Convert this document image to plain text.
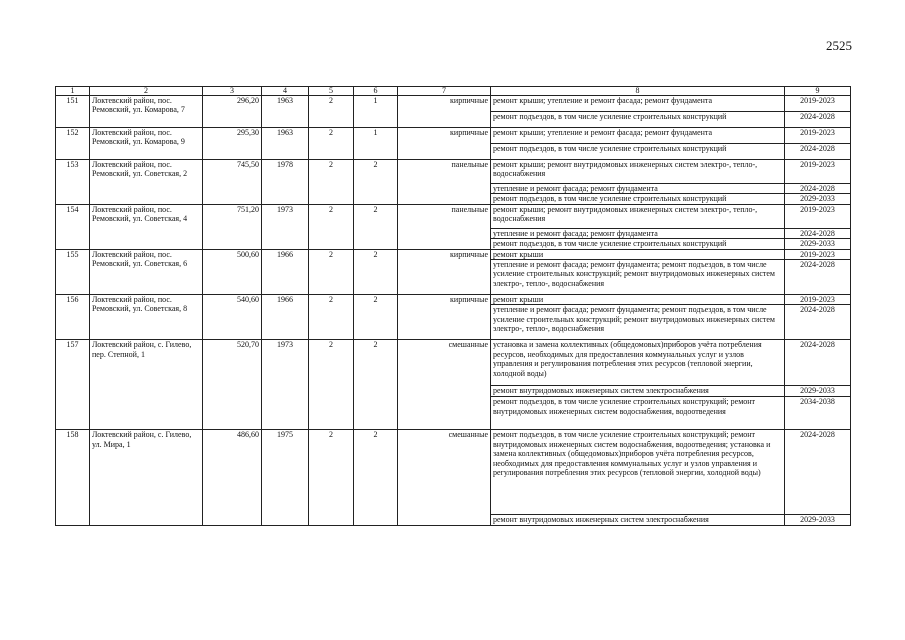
2525
1	2	3	4	5	6	7	8	9
151	Локтевский район, пос. Ремовский, ул. Комарова, 7	296,20	1963	2	1	кирпичные	ремонт крыши; утепление и ремонт фасада; ремонт фундамента	2019-2023
							ремонт подъездов, в том числе усиление строительных конструкций	2024-2028
152	Локтевский район, пос. Ремовский, ул. Комарова, 9	295,30	1963	2	1	кирпичные	ремонт крыши; утепление и ремонт фасада; ремонт фундамента	2019-2023
							ремонт подъездов, в том числе усиление строительных конструкций	2024-2028
153	Локтевский район, пос. Ремовский, ул. Советская, 2	745,50	1978	2	2	панельные	ремонт крыши; ремонт внутридомовых инженерных систем электро-, тепло-, водоснабжения	2019-2023
							утепление и ремонт фасада; ремонт фундамента	2024-2028
							ремонт подъездов, в том числе усиление строительных конструкций	2029-2033
154	Локтевский район, пос. Ремовский, ул. Советская, 4	751,20	1973	2	2	панельные	ремонт крыши; ремонт внутридомовых инженерных систем электро-, тепло-, водоснабжения	2019-2023
							утепление и ремонт фасада; ремонт фундамента	2024-2028
							ремонт подъездов, в том числе усиление строительных конструкций	2029-2033
155	Локтевский район, пос. Ремовский, ул. Советская, 6	500,60	1966	2	2	кирпичные	ремонт крыши	2019-2023
							утепление и ремонт фасада; ремонт фундамента; ремонт подъездов, в том числе усиление строительных конструкций; ремонт внутридомовых инженерных систем электро-, тепло-, водоснабжения	2024-2028
156	Локтевский район, пос. Ремовский, ул. Советская, 8	540,60	1966	2	2	кирпичные	ремонт крыши	2019-2023
							утепление и ремонт фасада; ремонт фундамента; ремонт подъездов, в том числе усиление строительных конструкций; ремонт внутридомовых инженерных систем электро-, тепло-, водоснабжения	2024-2028
157	Локтевский район, с. Гилево, пер. Степной, 1	520,70	1973	2	2	смешанные	установка и замена коллективных (общедомовых)приборов учёта потребления ресурсов, необходимых для предоставления коммунальных услуг и узлов управления и регулирования потребления этих ресурсов (тепловой энергии, холодной воды)	2024-2028
							ремонт внутридомовых инженерных систем электроснабжения	2029-2033
							ремонт подъездов, в том числе усиление строительных конструкций; ремонт внутридомовых инженерных систем водоснабжения, водоотведения	2034-2038
158	Локтевский район, с. Гилево, ул. Мира, 1	486,60	1975	2	2	смешанные	ремонт подъездов, в том числе усиление строительных конструкций; ремонт внутридомовых инженерных систем водоснабжения, водоотведения; установка и замена коллективных (общедомовых)приборов учёта потребления ресурсов, необходимых для предоставления коммунальных услуг и узлов управления и регулирования потребления этих ресурсов (тепловой энергии, холодной воды)	2024-2028
							ремонт внутридомовых инженерных систем электроснабжения	2029-2033
